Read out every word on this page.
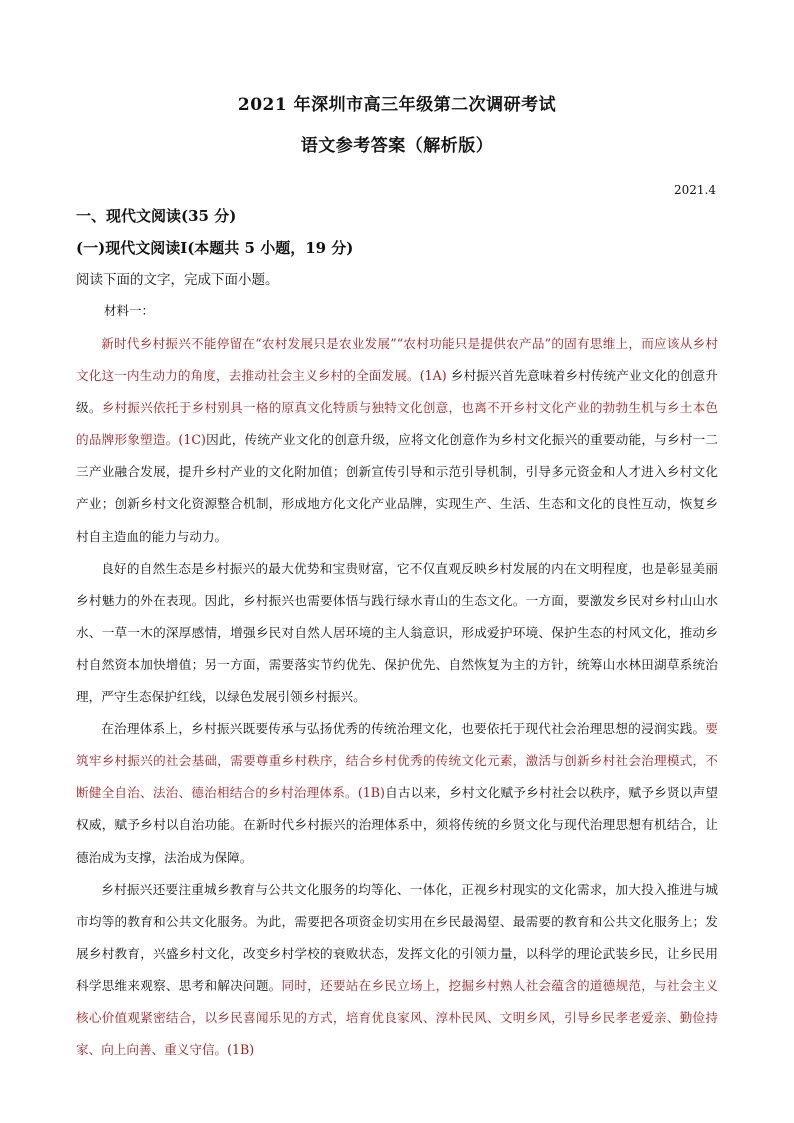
2021 年深圳市高三年级第二次调研考试
语文参考答案（解析版）
2021.4
一、现代文阅读(35 分)
(一)现代文阅读Ⅰ(本题共 5 小题，19 分)
阅读下面的文字，完成下面小题。
材料一：

新时代乡村振兴不能停留在“农村发展只是农业发展”“农村功能只是提供农产品”的固有思维上，而应该从乡村文化这一内生动力的角度，去推动社会主义乡村的全面发展。(1A) 乡村振兴首先意味着乡村传统产业文化的创意升级。乡村振兴依托于乡村别具一格的原真文化特质与独特文化创意，也离不开乡村文化产业的勃勃生机与乡土本色的品牌形象塑造。(1C)因此，传统产业文化的创意升级，应将文化创意作为乡村文化振兴的重要动能，与乡村一二三产业融合发展，提升乡村产业的文化附加值；创新宣传引导和示范引导机制，引导多元资金和人才进入乡村文化产业；创新乡村文化资源整合机制，形成地方化文化产业品牌，实现生产、生活、生态和文化的良性互动，恢复乡村自主造血的能力与动力。

良好的自然生态是乡村振兴的最大优势和宝贵财富，它不仅直观反映乡村发展的内在文明程度，也是彰显美丽乡村魅力的外在表现。因此，乡村振兴也需要体悟与践行绿水青山的生态文化。一方面，要激发乡民对乡村山山水水、一草一木的深厚感情，增强乡民对自然人居环境的主人翁意识，形成爱护环境、保护生态的村风文化，推动乡村自然资本加快增值；另一方面，需要落实节约优先、保护优先、自然恢复为主的方针，统筹山水林田湖草系统治理，严守生态保护红线，以绿色发展引领乡村振兴。

在治理体系上，乡村振兴既要传承与弘扬优秀的传统治理文化，也要依托于现代社会治理思想的浸润实践。要筑牢乡村振兴的社会基础，需要尊重乡村秩序，结合乡村优秀的传统文化元素，激活与创新乡村社会治理模式，不断健全自治、法治、德治相结合的乡村治理体系。(1B)自古以来，乡村文化赋予乡村社会以秩序，赋予乡贤以声望权威，赋予乡村以自治功能。在新时代乡村振兴的治理体系中，须将传统的乡贤文化与现代治理思想有机结合，让德治成为支撑，法治成为保障。

乡村振兴还要注重城乡教育与公共文化服务的均等化、一体化，正视乡村现实的文化需求，加大投入推进与城市均等的教育和公共文化服务。为此，需要把各项资金切实用在乡民最渴望、最需要的教育和公共文化服务上；发展乡村教育，兴盛乡村文化，改变乡村学校的衰败状态，发挥文化的引领力量，以科学的理论武装乡民，让乡民用科学思维来观察、思考和解决问题。同时，还要站在乡民立场上，挖掘乡村熟人社会蕴含的道德规范，与社会主义核心价值观紧密结合，以乡民喜闻乐见的方式，培育优良家风、淳朴民风、文明乡风，引导乡民孝老爱亲、勤俭持家、向上向善、重义守信。(1B)
